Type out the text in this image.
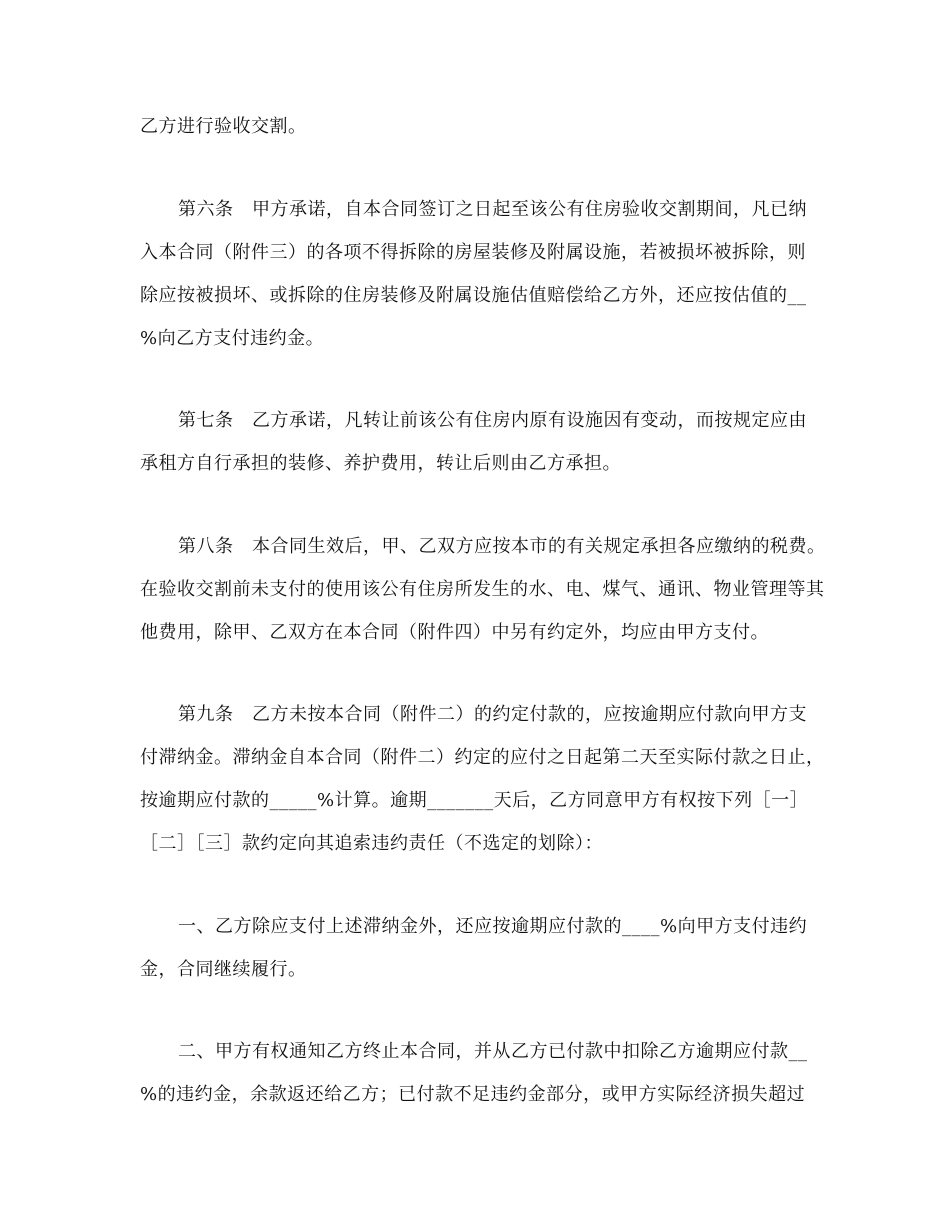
乙方进行验收交割。
第六条　甲方承诺，自本合同签订之日起至该公有住房验收交割期间，凡已纳
入本合同（附件三）的各项不得拆除的房屋装修及附属设施，若被损坏被拆除，则
除应按被损坏、或拆除的住房装修及附属设施估值赔偿给乙方外，还应按估值的__
%向乙方支付违约金。
第七条　乙方承诺，凡转让前该公有住房内原有设施因有变动，而按规定应由
承租方自行承担的装修、养护费用，转让后则由乙方承担。
第八条　本合同生效后，甲、乙双方应按本市的有关规定承担各应缴纳的税费。
在验收交割前未支付的使用该公有住房所发生的水、电、煤气、通讯、物业管理等其
他费用，除甲、乙双方在本合同（附件四）中另有约定外，均应由甲方支付。
第九条　乙方未按本合同（附件二）的约定付款的，应按逾期应付款向甲方支
付滞纳金。滞纳金自本合同（附件二）约定的应付之日起第二天至实际付款之日止，
按逾期应付款的_____%计算。逾期_______天后，乙方同意甲方有权按下列［一］
［二］［三］款约定向其追索违约责任（不选定的划除）：
一、乙方除应支付上述滞纳金外，还应按逾期应付款的____%向甲方支付违约
金，合同继续履行。
二、甲方有权通知乙方终止本合同，并从乙方已付款中扣除乙方逾期应付款__
%的违约金，余款返还给乙方；已付款不足违约金部分，或甲方实际经济损失超过
